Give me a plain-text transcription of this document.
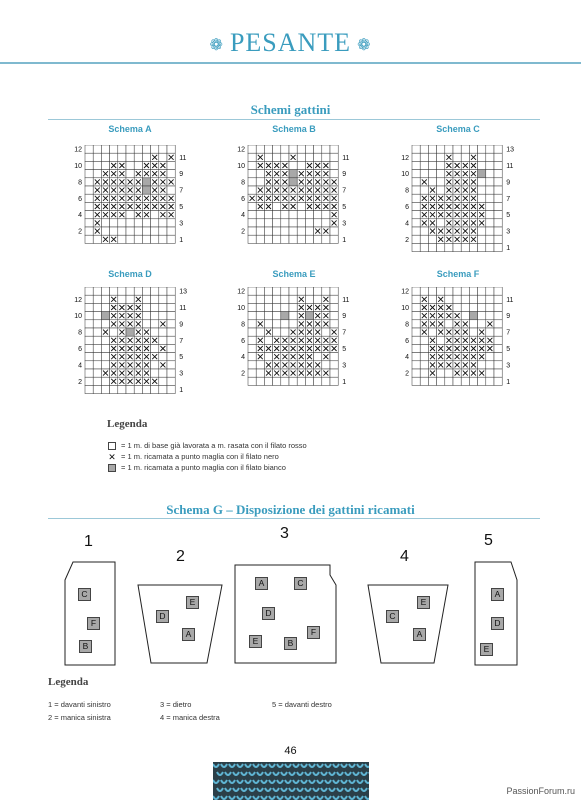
❁ PESANTE ❁
Schemi gattini
Schema A	Schema B	Schema C
Schema D	Schema E	Schema F
12
10
8
6
4
2
11
9
7
5
3
1
12
10
8
6
4
2
11
9
7
5
3
1
12
10
8
6
4
2
13
11
9
7
5
3
1
12
10
8
6
4
2
13
11
9
7
5
3
1
12
10
8
6
4
2
11
9
7
5
3
1
12
10
8
6
4
2
11
9
7
5
3
1
Legenda
= 1 m. di base già lavorata a m. rasata con il filato rosso
✕ = 1 m. ricamata a punto maglia con il filato nero
= 1 m. ricamata a punto maglia con il filato bianco
Schema G – Disposizione dei gattini ricamati
1
2
3
4
5
C
F
B
E
D
A
A	C
D
F
E	B
E
C
A
A
D
E
Legenda
1 = davanti sinistro	3 = dietro	5 = davanti destro
2 = manica sinistra	4 = manica destra
46
PassionForum.ru
